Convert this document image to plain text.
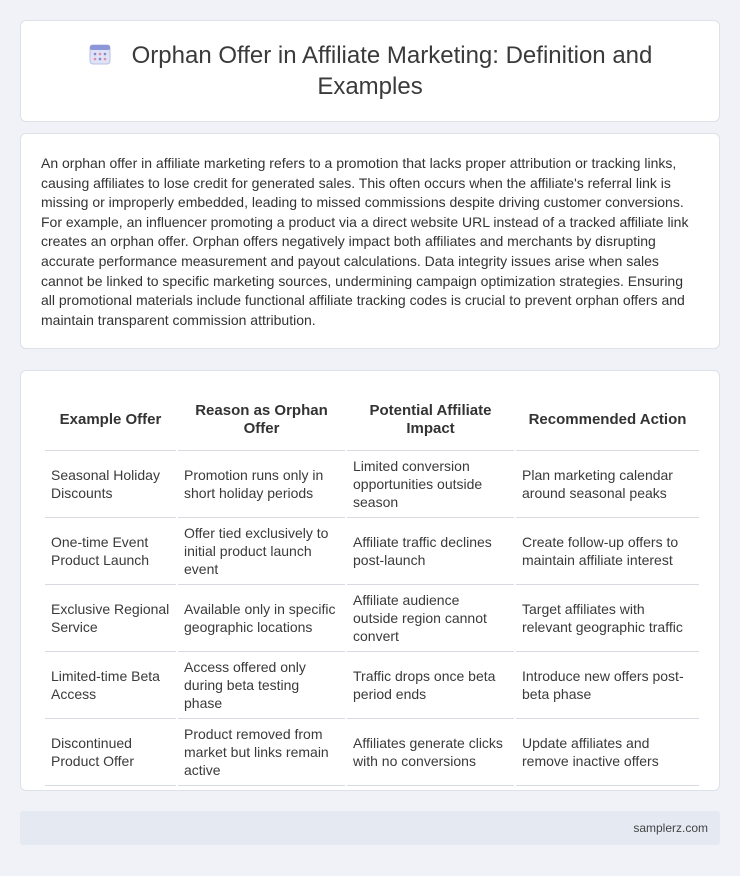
Orphan Offer in Affiliate Marketing: Definition and Examples

An orphan offer in affiliate marketing refers to a promotion that lacks proper attribution or tracking links, causing affiliates to lose credit for generated sales. This often occurs when the affiliate's referral link is missing or improperly embedded, leading to missed commissions despite driving customer conversions. For example, an influencer promoting a product via a direct website URL instead of a tracked affiliate link creates an orphan offer. Orphan offers negatively impact both affiliates and merchants by disrupting accurate performance measurement and payout calculations. Data integrity issues arise when sales cannot be linked to specific marketing sources, undermining campaign optimization strategies. Ensuring all promotional materials include functional affiliate tracking codes is crucial to prevent orphan offers and maintain transparent commission attribution.

Example Offer	Reason as Orphan Offer	Potential Affiliate Impact	Recommended Action
Seasonal Holiday Discounts	Promotion runs only in short holiday periods	Limited conversion opportunities outside season	Plan marketing calendar around seasonal peaks
One-time Event Product Launch	Offer tied exclusively to initial product launch event	Affiliate traffic declines post-launch	Create follow-up offers to maintain affiliate interest
Exclusive Regional Service	Available only in specific geographic locations	Affiliate audience outside region cannot convert	Target affiliates with relevant geographic traffic
Limited-time Beta Access	Access offered only during beta testing phase	Traffic drops once beta period ends	Introduce new offers post-beta phase
Discontinued Product Offer	Product removed from market but links remain active	Affiliates generate clicks with no conversions	Update affiliates and remove inactive offers
samplerz.com
